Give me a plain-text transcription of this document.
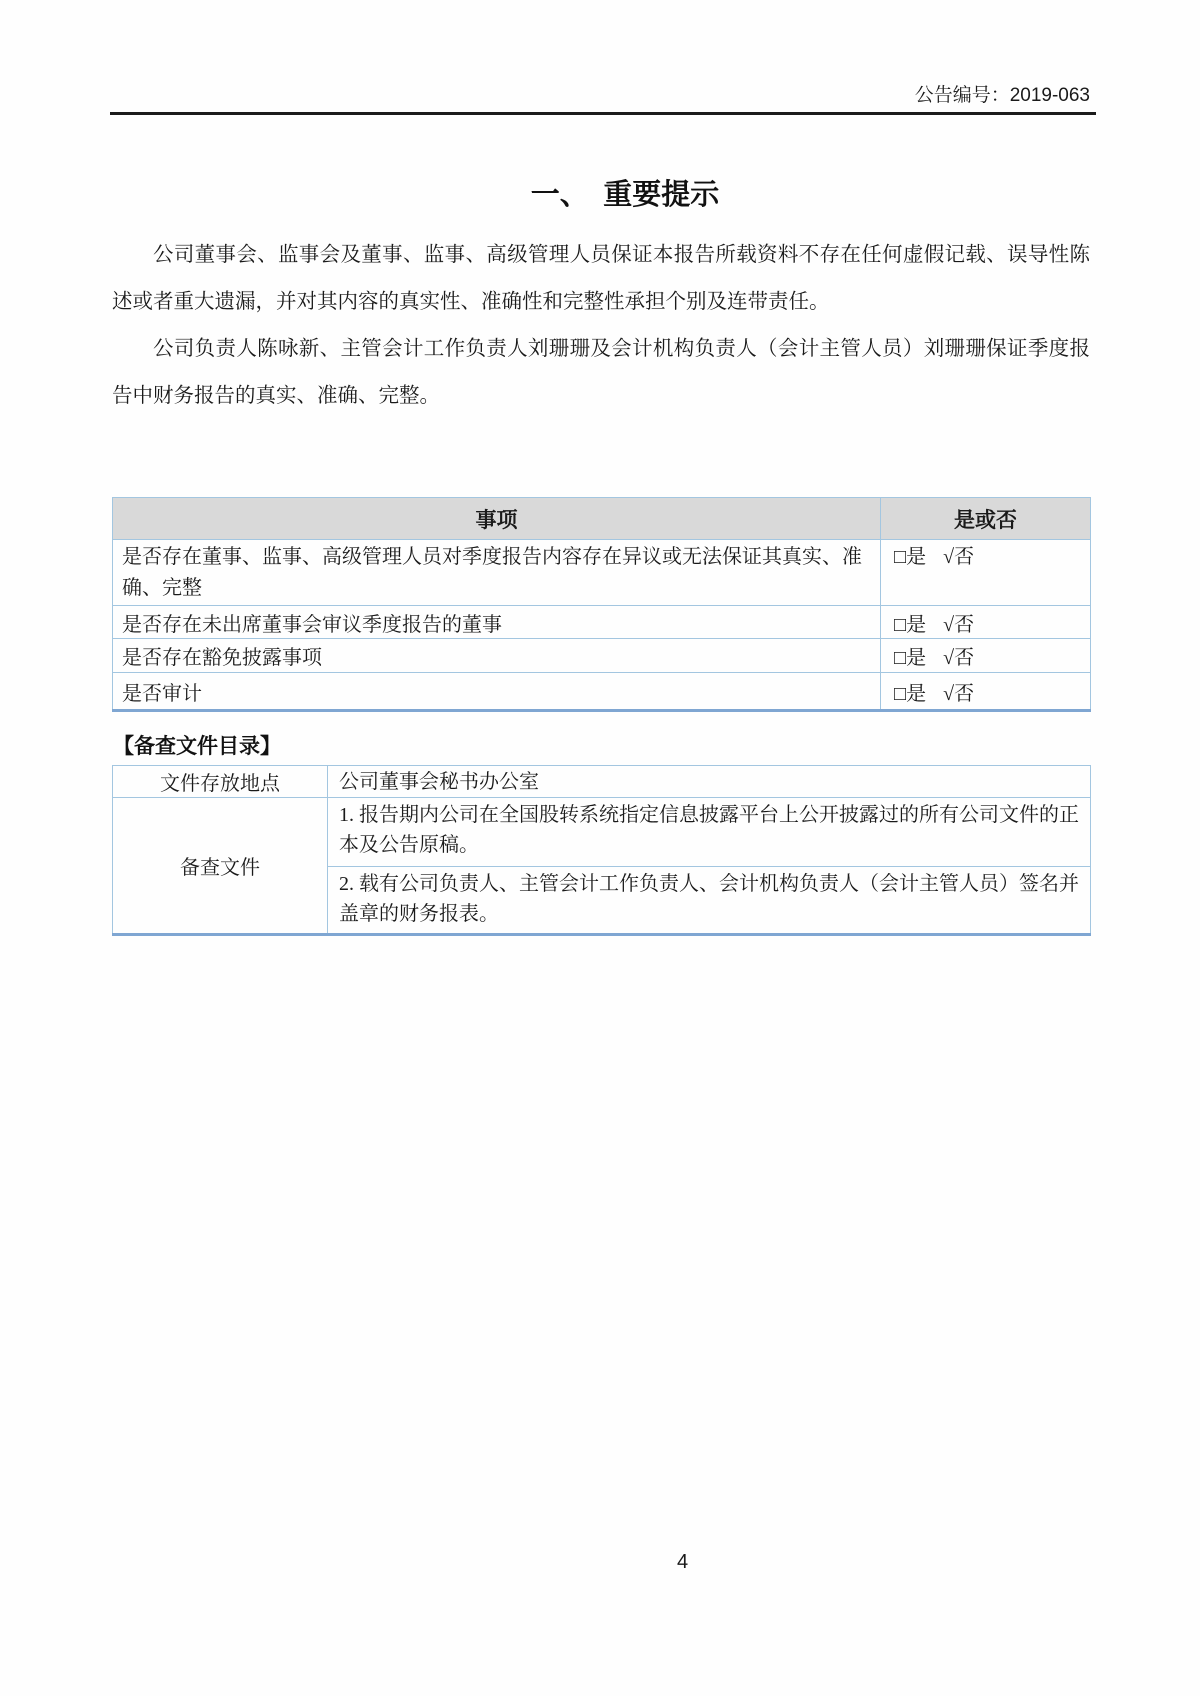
公告编号：2019-063
一、　重要提示

公司董事会、监事会及董事、监事、高级管理人员保证本报告所载资料不存在任何虚假记载、误导性陈述或者重大遗漏，并对其内容的真实性、准确性和完整性承担个别及连带责任。

公司负责人陈咏新、主管会计工作负责人刘珊珊及会计机构负责人（会计主管人员）刘珊珊保证季度报告中财务报告的真实、准确、完整。

事项	是或否
是否存在董事、监事、高级管理人员对季度报告内容存在异议或无法保证其真实、准确、完整	□是 √否
是否存在未出席董事会审议季度报告的董事	□是 √否
是否存在豁免披露事项	□是 √否
是否审计	□是 √否
【备查文件目录】
文件存放地点	公司董事会秘书办公室
备查文件	1. 报告期内公司在全国股转系统指定信息披露平台上公开披露过的所有公司文件的正本及公告原稿。
	2. 载有公司负责人、主管会计工作负责人、会计机构负责人（会计主管人员）签名并盖章的财务报表。
4
